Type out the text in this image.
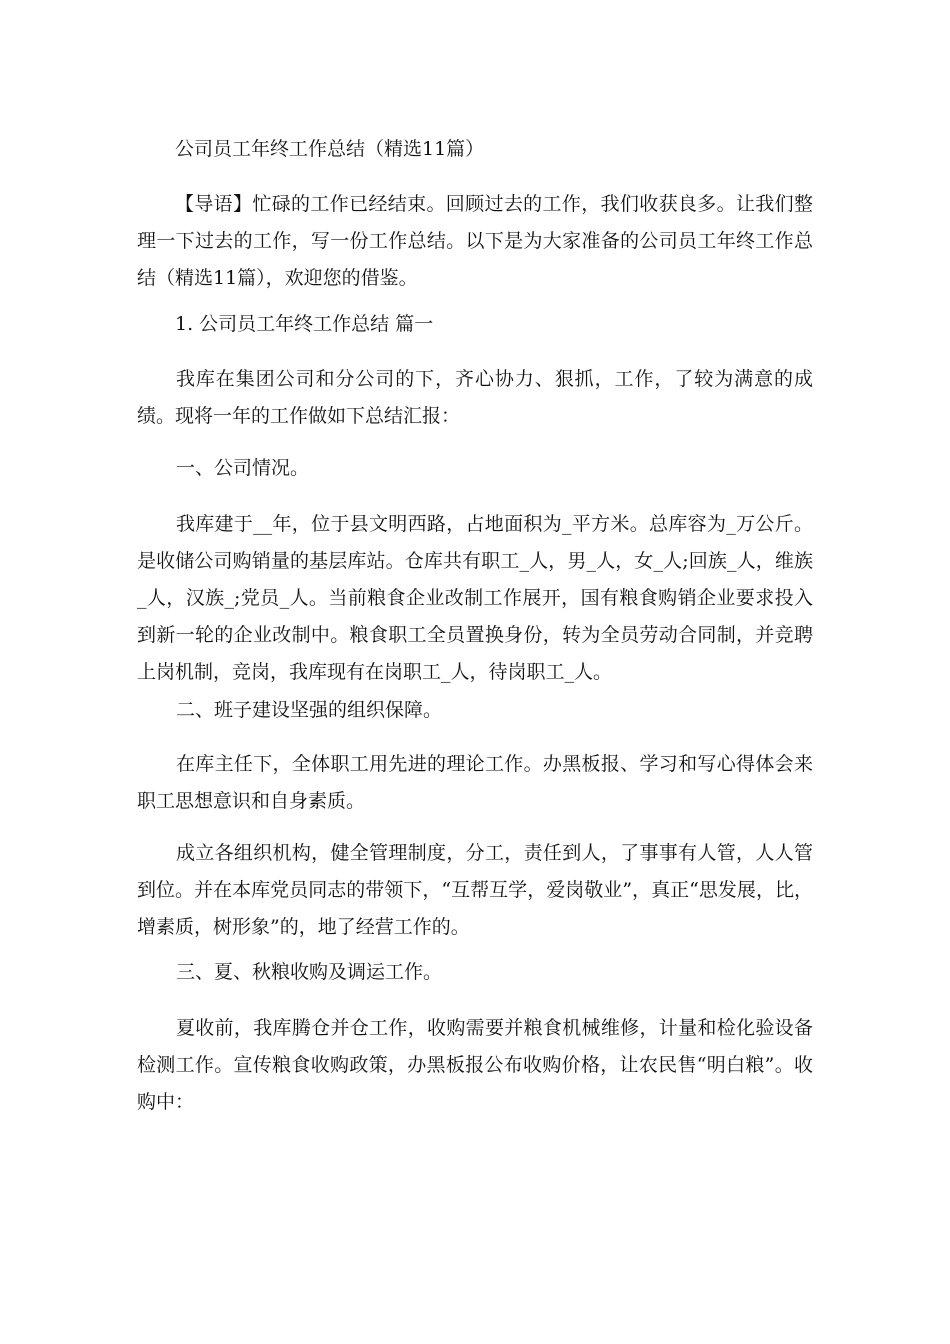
公司员工年终工作总结（精选11篇）

【导语】忙碌的工作已经结束。回顾过去的工作，我们收获良多。让我们整理一下过去的工作，写一份工作总结。以下是为大家准备的公司员工年终工作总结（精选11篇），欢迎您的借鉴。

1. 公司员工年终工作总结 篇一

我库在集团公司和分公司的下，齐心协力、狠抓，工作，了较为满意的成绩。现将一年的工作做如下总结汇报：

一、公司情况。

我库建于__年，位于县文明西路，占地面积为_平方米。总库容为_万公斤。是收储公司购销量的基层库站。仓库共有职工_人，男_人，女_人;回族_人，维族_人，汉族_;党员_人。当前粮食企业改制工作展开，国有粮食购销企业要求投入到新一轮的企业改制中。粮食职工全员置换身份，转为全员劳动合同制，并竞聘上岗机制，竞岗，我库现有在岗职工_人，待岗职工_人。

二、班子建设坚强的组织保障。

在库主任下，全体职工用先进的理论工作。办黑板报、学习和写心得体会来职工思想意识和自身素质。

成立各组织机构，健全管理制度，分工，责任到人，了事事有人管，人人管到位。并在本库党员同志的带领下，“互帮互学，爱岗敬业”，真正“思发展，比，增素质，树形象”的，地了经营工作的。

三、夏、秋粮收购及调运工作。

夏收前，我库腾仓并仓工作，收购需要并粮食机械维修，计量和检化验设备检测工作。宣传粮食收购政策，办黑板报公布收购价格，让农民售“明白粮”。收购中：
